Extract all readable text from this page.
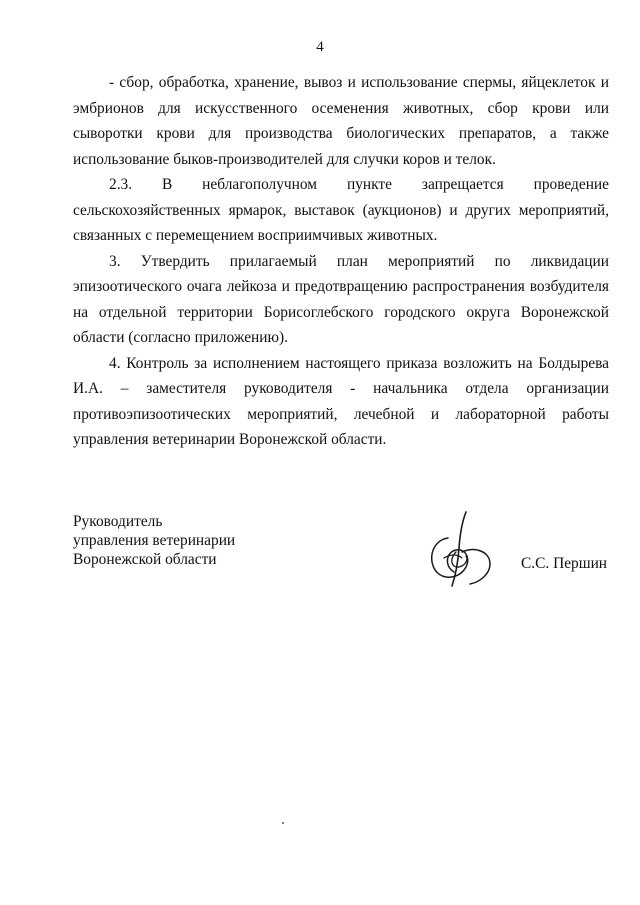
4

- сбор, обработка, хранение, вывоз и использование спермы, яйцеклеток и эмбрионов для искусственного осеменения животных, сбор крови или сыворотки крови для производства биологических препаратов, а также использование быков-производителей для случки коров и телок.

2.3. В неблагополучном пункте запрещается проведение сельскохозяйственных ярмарок, выставок (аукционов) и других мероприятий, связанных с перемещением восприимчивых животных.

3. Утвердить прилагаемый план мероприятий по ликвидации эпизоотического очага лейкоза и предотвращению распространения возбудителя на отдельной территории Борисоглебского городского округа Воронежской области (согласно приложению).

4. Контроль за исполнением настоящего приказа возложить на Болдырева И.А. – заместителя руководителя - начальника отдела организации противоэпизоотических мероприятий, лечебной и лабораторной работы управления ветеринарии Воронежской области.

Руководитель
управления ветеринарии
Воронежской области	С.С. Першин
